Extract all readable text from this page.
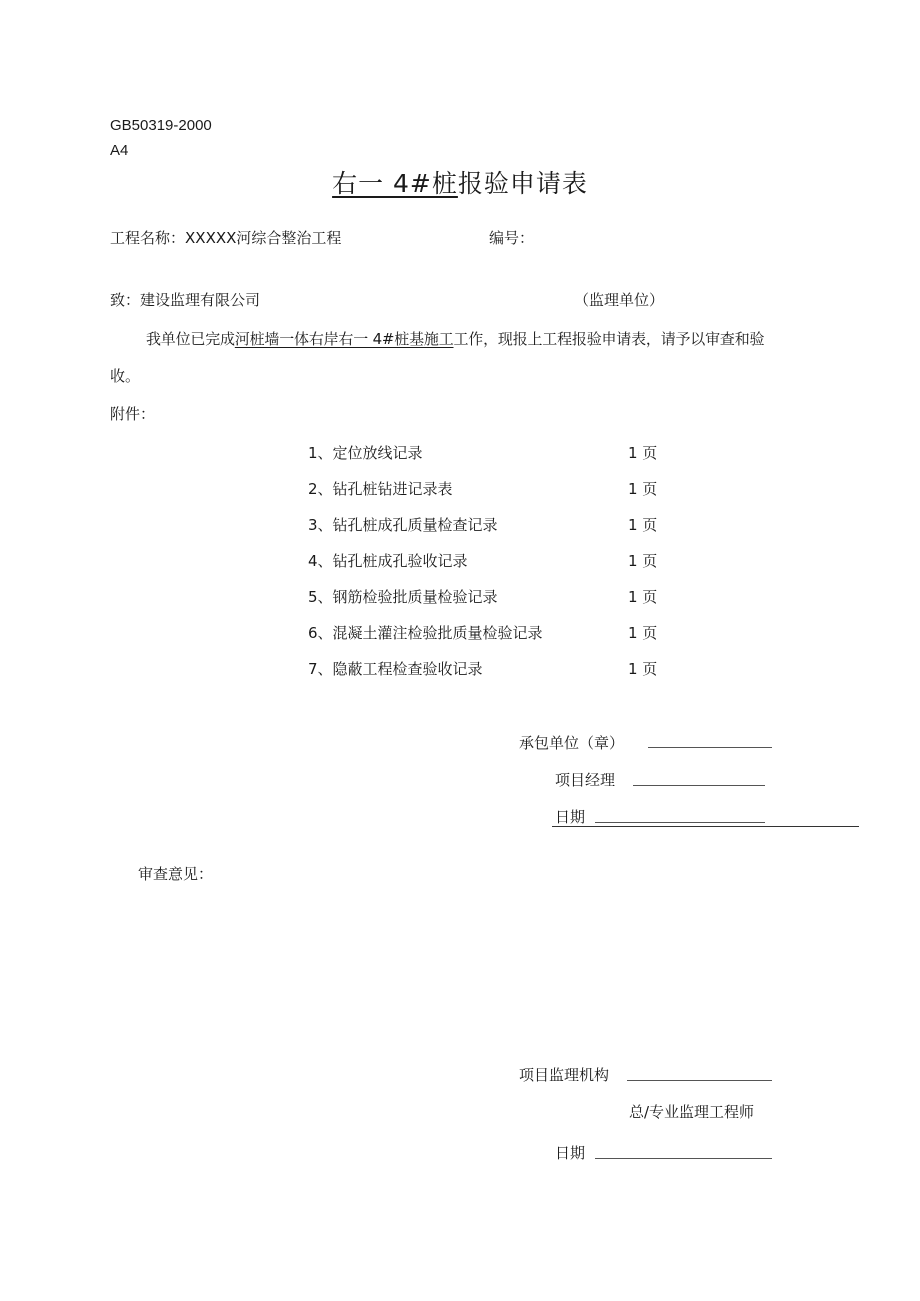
GB50319-2000
A4
右一 4#桩报验申请表
工程名称：XXXXX河综合整治工程	编号：
致：建设监理有限公司	（监理单位）
我单位已完成河桩墙一体右岸右一 4#桩基施工工作，现报上工程报验申请表，请予以审查和验
收。
附件：
1、定位放线记录	1 页
2、钻孔桩钻进记录表	1 页
3、钻孔桩成孔质量检查记录	1 页
4、钻孔桩成孔验收记录	1 页
5、钢筋检验批质量检验记录	1 页
6、混凝土灌注检验批质量检验记录	1 页
7、隐蔽工程检查验收记录	1 页
承包单位（章）
项目经理
日期
审查意见：
项目监理机构
总/专业监理工程师
日期
